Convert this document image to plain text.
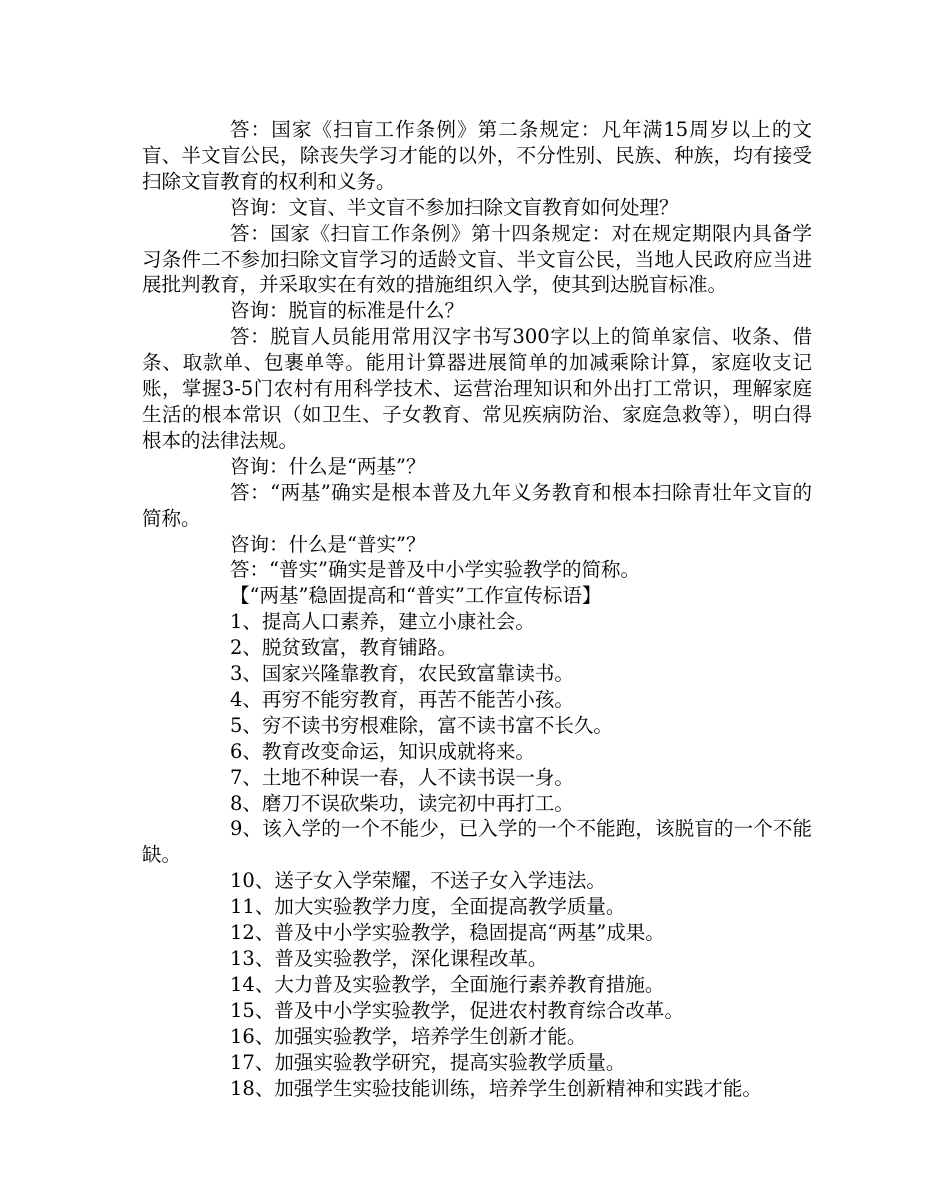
答：国家《扫盲工作条例》第二条规定：凡年满15周岁以上的文盲、半文盲公民，除丧失学习才能的以外，不分性别、民族、种族，均有接受扫除文盲教育的权利和义务。

咨询：文盲、半文盲不参加扫除文盲教育如何处理？

答：国家《扫盲工作条例》第十四条规定：对在规定期限内具备学习条件二不参加扫除文盲学习的适龄文盲、半文盲公民，当地人民政府应当进展批判教育，并采取实在有效的措施组织入学，使其到达脱盲标准。

咨询：脱盲的标准是什么？

答：脱盲人员能用常用汉字书写300字以上的简单家信、收条、借条、取款单、包裹单等。能用计算器进展简单的加减乘除计算，家庭收支记账，掌握3-5门农村有用科学技术、运营治理知识和外出打工常识，理解家庭生活的根本常识（如卫生、子女教育、常见疾病防治、家庭急救等），明白得根本的法律法规。

咨询：什么是“两基”？

答：“两基”确实是根本普及九年义务教育和根本扫除青壮年文盲的简称。

咨询：什么是“普实”？

答：“普实”确实是普及中小学实验教学的简称。

【“两基”稳固提高和“普实”工作宣传标语】

1、提高人口素养，建立小康社会。

2、脱贫致富，教育铺路。

3、国家兴隆靠教育，农民致富靠读书。

4、再穷不能穷教育，再苦不能苦小孩。

5、穷不读书穷根难除，富不读书富不长久。

6、教育改变命运，知识成就将来。

7、土地不种误一春，人不读书误一身。

8、磨刀不误砍柴功，读完初中再打工。

9、该入学的一个不能少，已入学的一个不能跑，该脱盲的一个不能缺。

10、送子女入学荣耀，不送子女入学违法。

11、加大实验教学力度，全面提高教学质量。

12、普及中小学实验教学，稳固提高“两基”成果。

13、普及实验教学，深化课程改革。

14、大力普及实验教学，全面施行素养教育措施。

15、普及中小学实验教学，促进农村教育综合改革。

16、加强实验教学，培养学生创新才能。

17、加强实验教学研究，提高实验教学质量。

18、加强学生实验技能训练，培养学生创新精神和实践才能。
